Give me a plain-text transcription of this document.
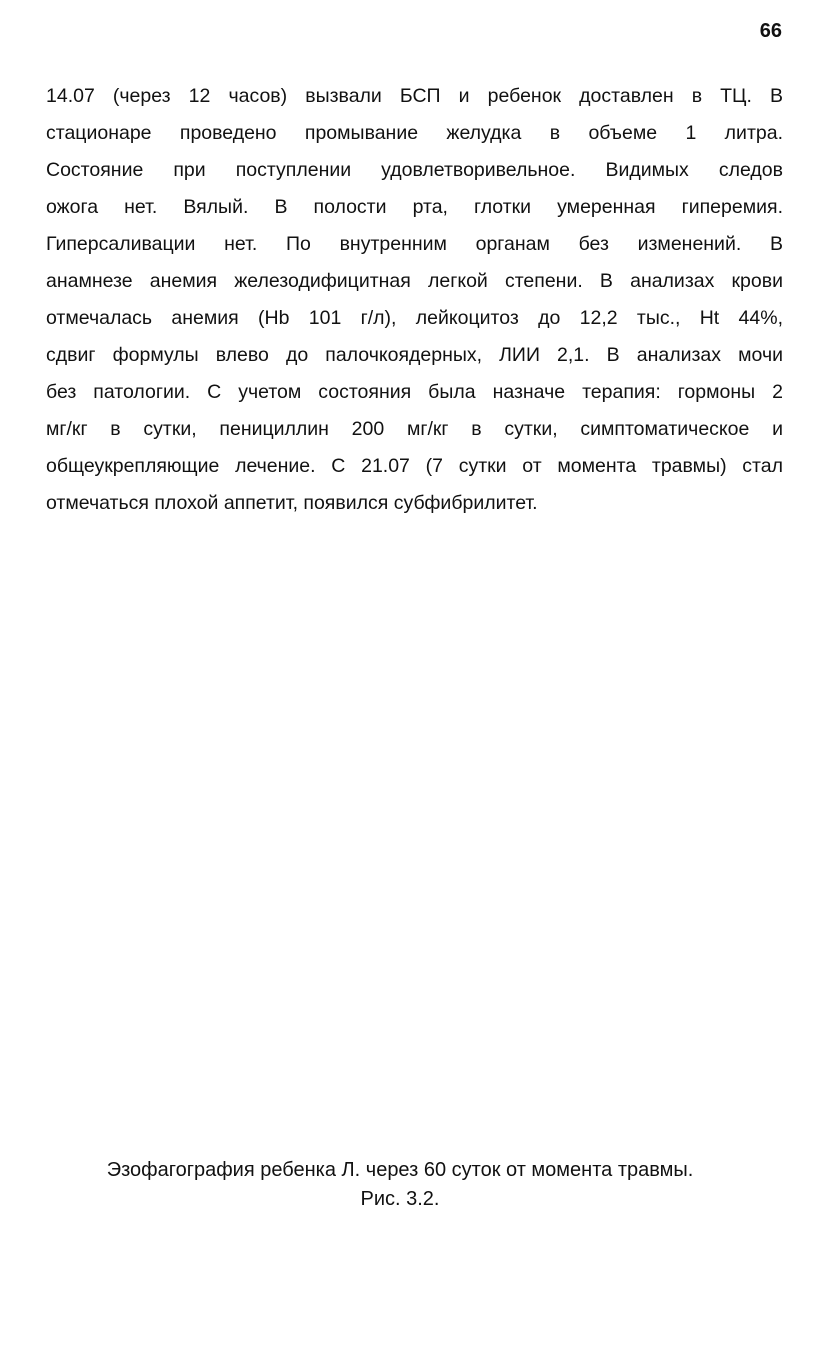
66
14.07 (через 12 часов) вызвали БСП и ребенок доставлен в ТЦ. В
стационаре проведено промывание желудка в объеме 1 литра.
Состояние при поступлении удовлетворивельное. Видимых следов
ожога нет. Вялый. В полости рта, глотки умеренная гиперемия.
Гиперсаливации нет. По внутренним органам без изменений. В
анамнезе анемия железодифицитная легкой степени. В анализах крови
отмечалась анемия (Hb 101 г/л), лейкоцитоз до 12,2 тыс., Ht 44%,
сдвиг формулы влево до палочкоядерных, ЛИИ 2,1. В анализах мочи
без патологии. С учетом состояния была назначе терапия: гормоны 2
мг/кг в сутки, пенициллин 200 мг/кг в сутки, симптоматическое и
общеукрепляющие лечение. С 21.07 (7 сутки от момента травмы) стал
отмечаться плохой аппетит, появился субфибрилитет.
Эзофагография ребенка Л. через 60 суток от момента травмы.
Рис. 3.2.
